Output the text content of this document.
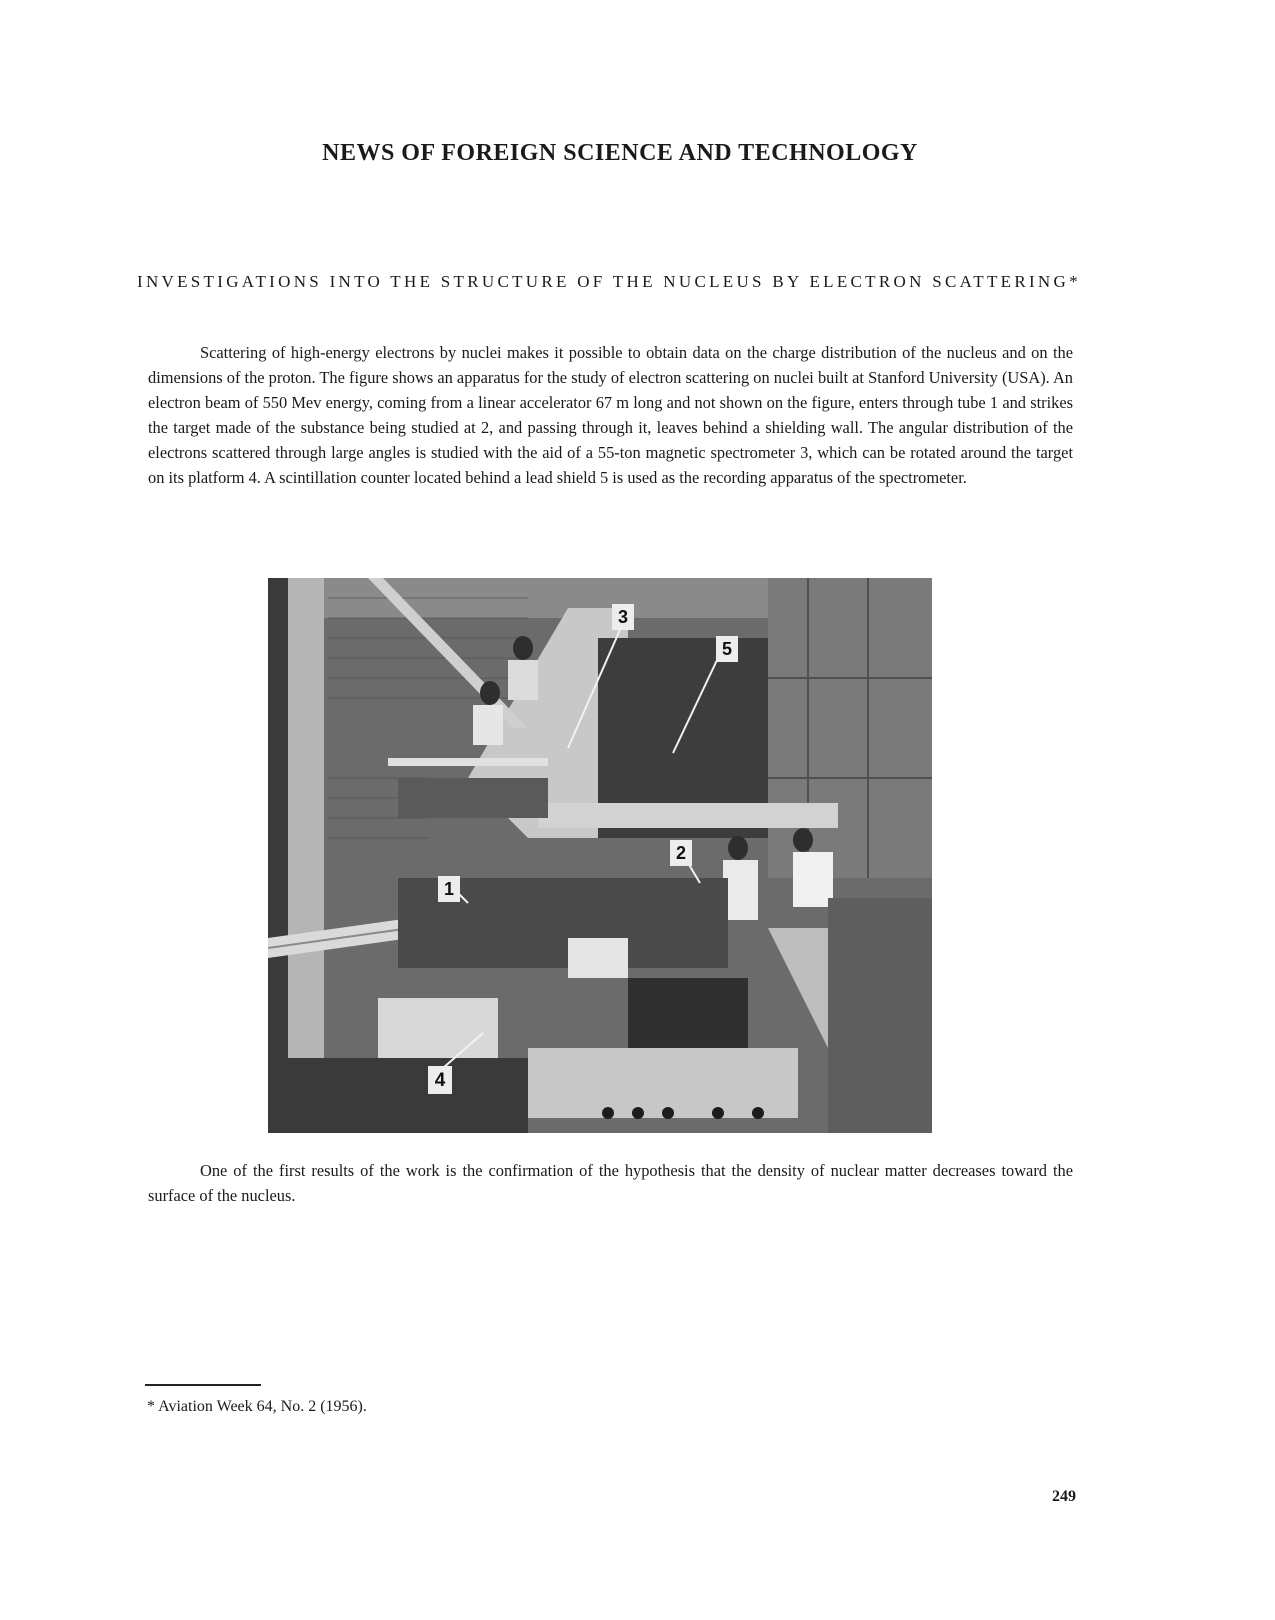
NEWS OF FOREIGN SCIENCE AND TECHNOLOGY
INVESTIGATIONS INTO THE STRUCTURE OF THE NUCLEUS BY ELECTRON SCATTERING*

Scattering of high-energy electrons by nuclei makes it possible to obtain data on the charge distribution of the nucleus and on the dimensions of the proton. The figure shows an apparatus for the study of electron scattering on nuclei built at Stanford University (USA). An electron beam of 550 Mev energy, coming from a linear accelerator 67 m long and not shown on the figure, enters through tube 1 and strikes the target made of the substance being studied at 2, and passing through it, leaves behind a shielding wall. The angular distribution of the electrons scattered through large angles is studied with the aid of a 55-ton magnetic spectrometer 3, which can be rotated around the target on its platform 4. A scintillation counter located behind a lead shield 5 is used as the recording apparatus of the spectrometer.

3
5
2
1
4

One of the first results of the work is the confirmation of the hypothesis that the density of nuclear matter decreases toward the surface of the nucleus.

* Aviation Week 64, No. 2 (1956).
249
